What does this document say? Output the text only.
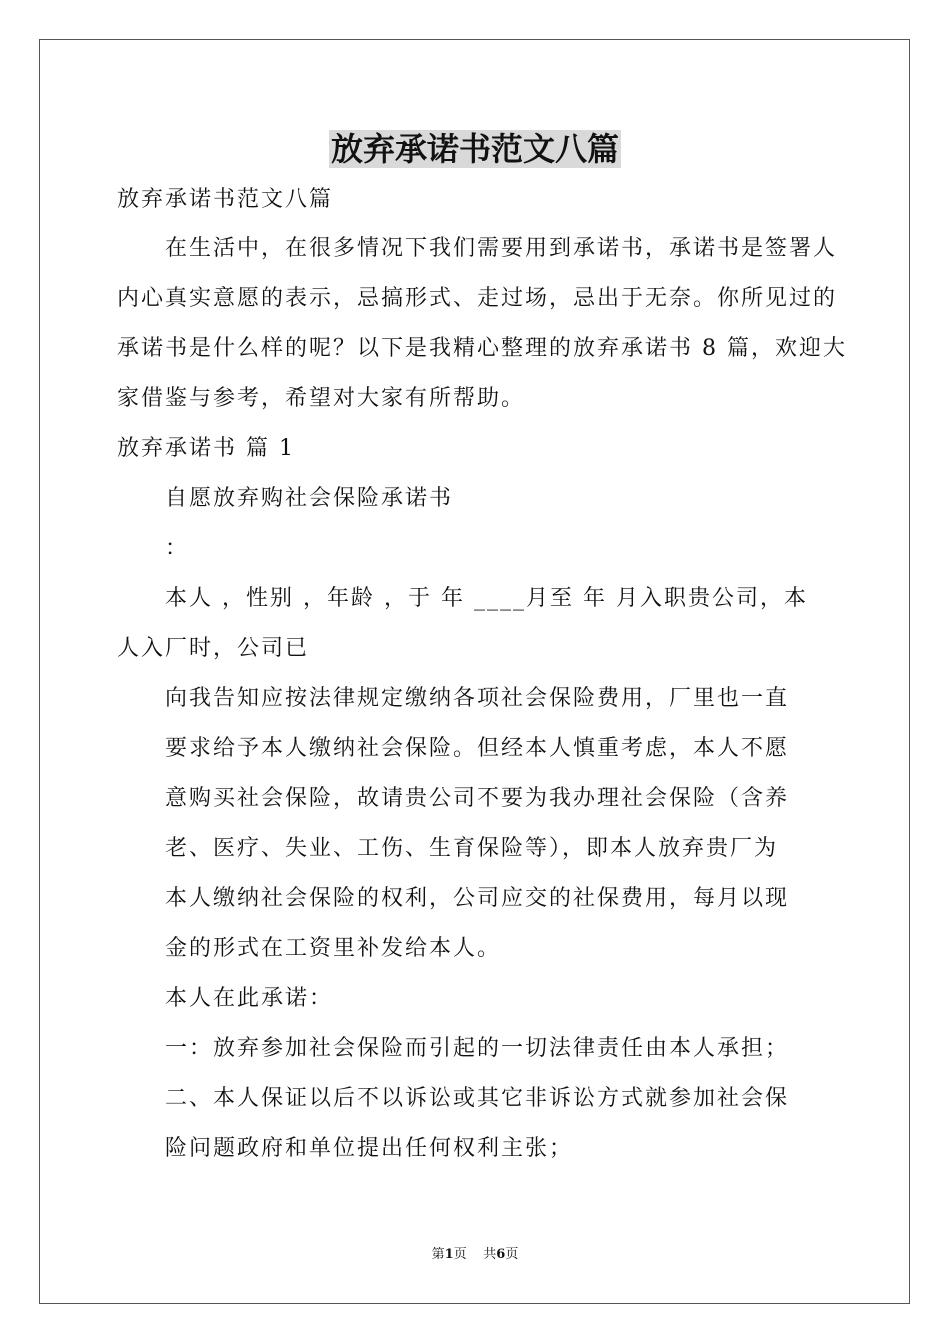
放弃承诺书范文八篇
放弃承诺书范文八篇
在生活中，在很多情况下我们需要用到承诺书，承诺书是签署人
内心真实意愿的表示，忌搞形式、走过场，忌出于无奈。你所见过的
承诺书是什么样的呢？以下是我精心整理的放弃承诺书 8 篇，欢迎大
家借鉴与参考，希望对大家有所帮助。
放弃承诺书 篇 1
自愿放弃购社会保险承诺书
：
本人 ，性别 ，年龄 ，于 年 ____月至 年 月入职贵公司，本
人入厂时，公司已
向我告知应按法律规定缴纳各项社会保险费用，厂里也一直
要求给予本人缴纳社会保险。但经本人慎重考虑，本人不愿
意购买社会保险，故请贵公司不要为我办理社会保险（含养
老、医疗、失业、工伤、生育保险等），即本人放弃贵厂为
本人缴纳社会保险的权利，公司应交的社保费用，每月以现
金的形式在工资里补发给本人。
本人在此承诺：
一：放弃参加社会保险而引起的一切法律责任由本人承担；
二、本人保证以后不以诉讼或其它非诉讼方式就参加社会保
险问题政府和单位提出任何权利主张；
第1页 共6页
